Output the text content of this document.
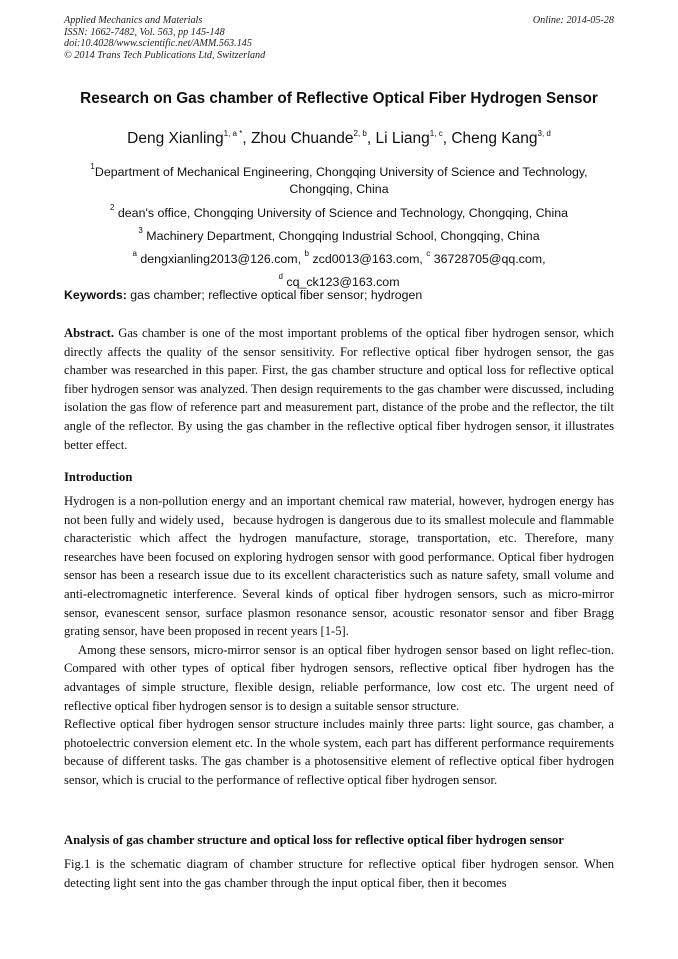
Applied Mechanics and Materials
ISSN: 1662-7482, Vol. 563, pp 145-148
doi:10.4028/www.scientific.net/AMM.563.145
© 2014 Trans Tech Publications Ltd, Switzerland
Online: 2014-05-28
Research on Gas chamber of Reflective Optical Fiber Hydrogen Sensor
Deng Xianling$^{1, a *}$, Zhou Chuande$^{2, b}$, Li Liang$^{1, c}$, Cheng Kang$^{3, d}$
$^1$Department of Mechanical Engineering, Chongqing University of Science and Technology,
Chongqing, China
$^2$ dean's office, Chongqing University of Science and Technology, Chongqing, China
$^3$ Machinery Department, Chongqing Industrial School, Chongqing, China
$^a$ dengxianling2013@126.com, $^b$ zcd0013@163.com, $^c$ 36728705@qq.com,
$^d$ cq_ck123@163.com
Keywords: gas chamber; reflective optical fiber sensor; hydrogen

Abstract. Gas chamber is one of the most important problems of the optical fiber hydrogen sensor, which directly affects the quality of the sensor sensitivity. For reflective optical fiber hydrogen sensor, the gas chamber was researched in this paper. First, the gas chamber structure and optical loss for reflective optical fiber hydrogen sensor was analyzed. Then design requirements to the gas chamber were discussed, including isolation the gas flow of reference part and measurement part, distance of the probe and the reflector, the tilt angle of the reflector. By using the gas chamber in the reflective optical fiber hydrogen sensor, it illustrates better effect.

Introduction

Hydrogen is a non-pollution energy and an important chemical raw material, however, hydrogen energy has not been fully and widely used，because hydrogen is dangerous due to its smallest molecule and flammable characteristic which affect the hydrogen manufacture, storage, transportation, etc. Therefore, many researches have been focused on exploring hydrogen sensor with good performance. Optical fiber hydrogen sensor has been a research issue due to its excellent characteristics such as nature safety, small volume and anti-electromagnetic interference. Several kinds of optical fiber hydrogen sensors, such as micro-mirror sensor, evanescent sensor, surface plasmon resonance sensor, acoustic resonator sensor and fiber Bragg grating sensor, have been proposed in recent years [1-5].

Among these sensors, micro-mirror sensor is an optical fiber hydrogen sensor based on light reflec-tion. Compared with other types of optical fiber hydrogen sensors, reflective optical fiber hydrogen has the advantages of simple structure, flexible design, reliable performance, low cost etc. The urgent need of reflective optical fiber hydrogen sensor is to design a suitable sensor structure.

Reflective optical fiber hydrogen sensor structure includes mainly three parts: light source, gas chamber, a photoelectric conversion element etc. In the whole system, each part has different performance requirements because of different tasks. The gas chamber is a photosensitive element of reflective optical fiber hydrogen sensor, which is crucial to the performance of reflective optical fiber hydrogen sensor.

Analysis of gas chamber structure and optical loss for reflective optical fiber hydrogen sensor

Fig.1 is the schematic diagram of chamber structure for reflective optical fiber hydrogen sensor. When detecting light sent into the gas chamber through the input optical fiber, then it becomes
